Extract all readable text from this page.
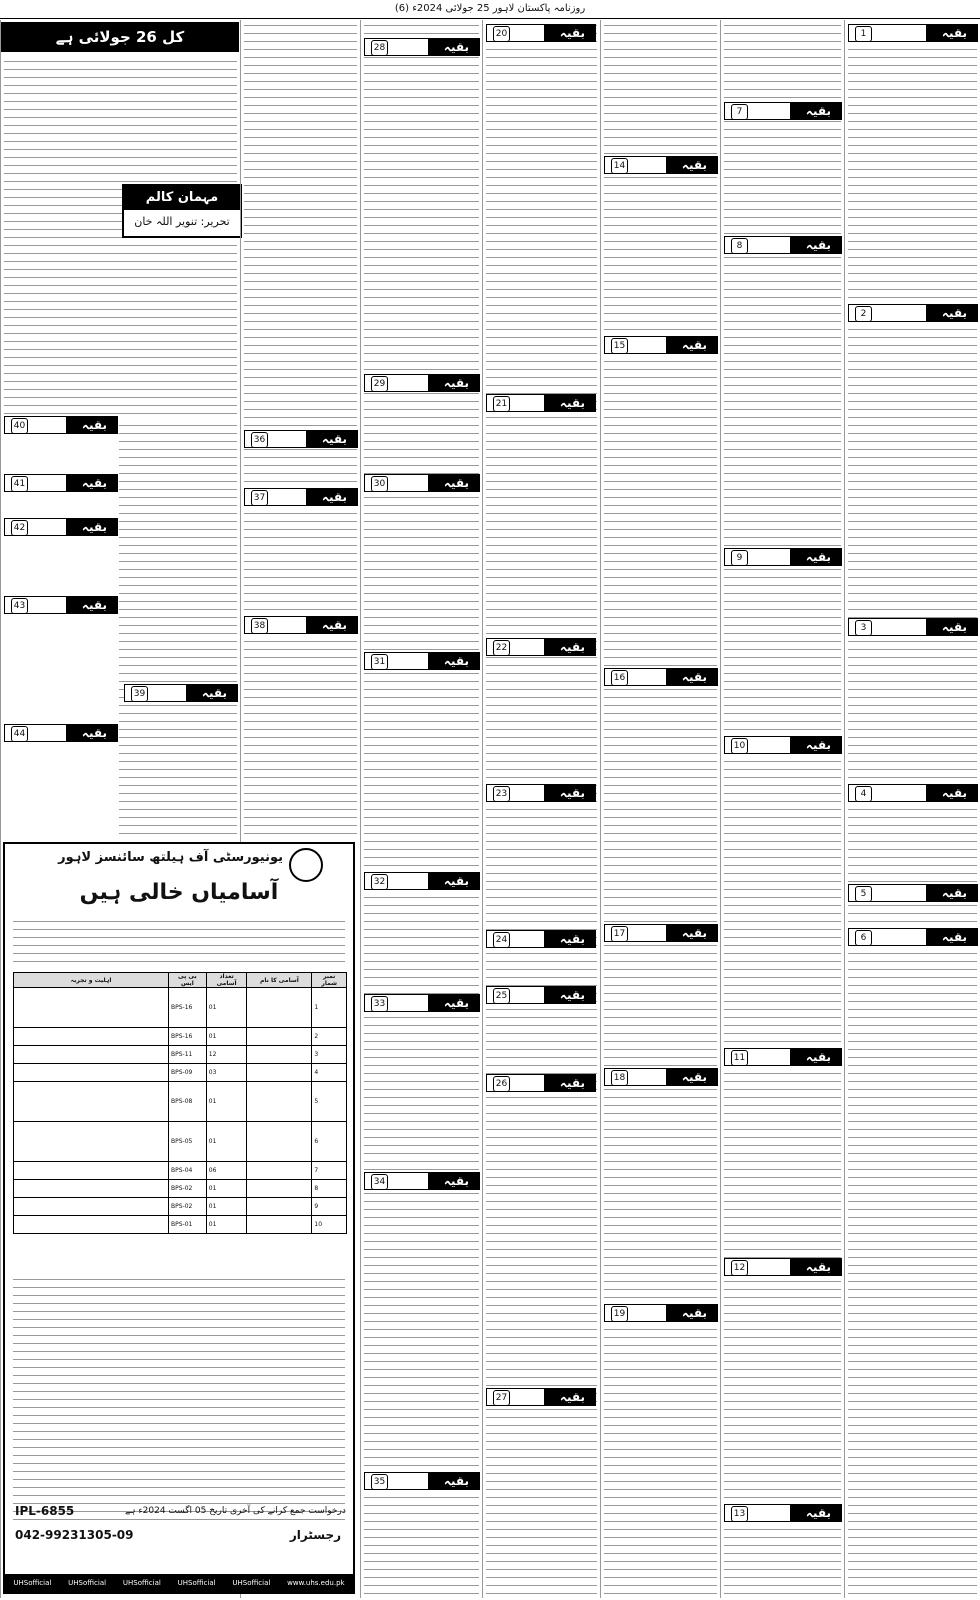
روزنامہ پاکستان لاہور 25 جولائی 2024ء (6)
کل 26 جولائی ہے
مہمان کالم
تحریر: تنویر اللہ خان
1	بقیہ
2	بقیہ
3	بقیہ
4	بقیہ
5	بقیہ
6	بقیہ
7	بقیہ
8	بقیہ
9	بقیہ
10	بقیہ
11	بقیہ
12	بقیہ
13	بقیہ
14	بقیہ
15	بقیہ
16	بقیہ
17	بقیہ
18	بقیہ
19	بقیہ
20	بقیہ
21	بقیہ
22	بقیہ
23	بقیہ
24	بقیہ
25	بقیہ
26	بقیہ
27	بقیہ
28	بقیہ
29	بقیہ
30	بقیہ
31	بقیہ
32	بقیہ
33	بقیہ
34	بقیہ
35	بقیہ
36	بقیہ
37	بقیہ
38	بقیہ
39	بقیہ
40	بقیہ
41	بقیہ
42	بقیہ
43	بقیہ
44	بقیہ
یونیورسٹی آف ہیلتھ سائنسز لاہور
آسامیاں خالی ہیں
اہلیت و تجربہ	بی پی ایس	تعداد آسامی	آسامی کا نام	نمبر شمار
	BPS-16	01		1
	BPS-16	01		2
	BPS-11	12		3
	BPS-09	03		4
	BPS-08	01		5
	BPS-05	01		6
	BPS-04	06		7
	BPS-02	01		8
	BPS-02	01		9
	BPS-01	01		10
IPL-6855	درخواست جمع کرانے کی آخری تاریخ 05 اگست 2024ء ہے
042-99231305-09	رجسٹرار
UHSofficial UHSofficial UHSofficial UHSofficial UHSofficial www.uhs.edu.pk
